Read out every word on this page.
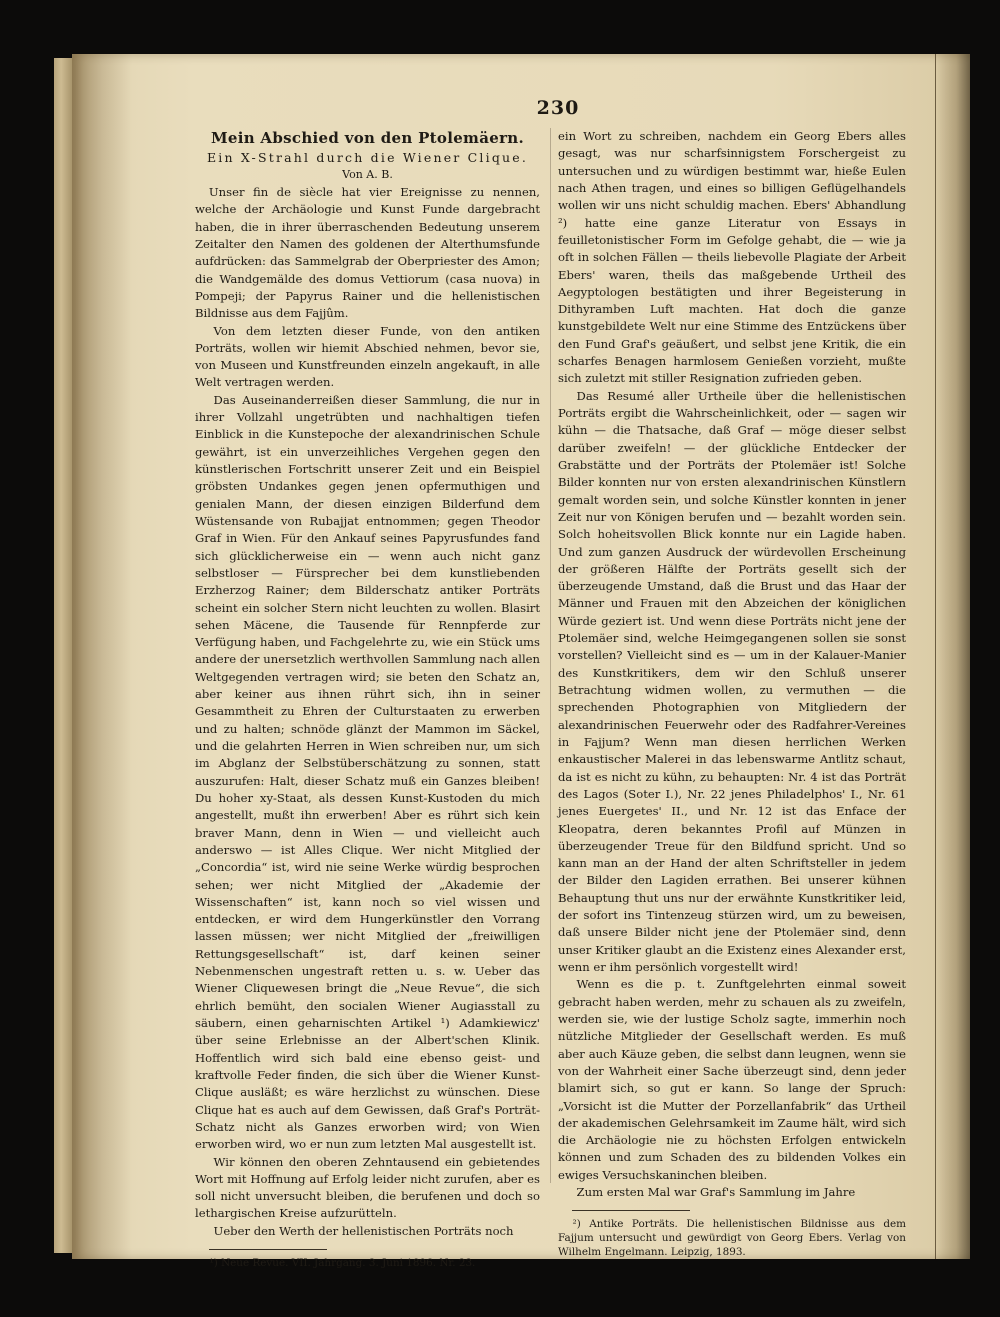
230
Mein Abschied von den Ptolemäern.
Ein X-Strahl durch die Wiener Clique.
Von A. B.

Unser fin de siècle hat vier Ereignisse zu nennen, welche der Archäologie und Kunst Funde dargebracht haben, die in ihrer überraschenden Bedeutung unserem Zeitalter den Namen des goldenen der Alterthumsfunde aufdrücken: das Sammelgrab der Oberpriester des Amon; die Wandgemälde des domus Vettiorum (casa nuova) in Pompeji; der Papyrus Rainer und die hellenistischen Bildnisse aus dem Fajjûm.

Von dem letzten dieser Funde, von den antiken Porträts, wollen wir hiemit Abschied nehmen, bevor sie, von Museen und Kunstfreunden einzeln angekauft, in alle Welt vertragen werden.

Das Auseinanderreißen dieser Sammlung, die nur in ihrer Vollzahl ungetrübten und nachhaltigen tiefen Einblick in die Kunstepoche der alexandrinischen Schule gewährt, ist ein unverzeihliches Vergehen gegen den künstlerischen Fortschritt unserer Zeit und ein Beispiel gröbsten Undankes gegen jenen opfermuthigen und genialen Mann, der diesen einzigen Bilderfund dem Wüstensande von Rubajjat entnommen; gegen Theodor Graf in Wien. Für den Ankauf seines Papyrusfundes fand sich glücklicherweise ein — wenn auch nicht ganz selbstloser — Fürsprecher bei dem kunstliebenden Erzherzog Rainer; dem Bilderschatz antiker Porträts scheint ein solcher Stern nicht leuchten zu wollen. Blasirt sehen Mäcene, die Tausende für Rennpferde zur Verfügung haben, und Fachgelehrte zu, wie ein Stück ums andere der unersetzlich werthvollen Sammlung nach allen Weltgegenden vertragen wird; sie beten den Schatz an, aber keiner aus ihnen rührt sich, ihn in seiner Gesammtheit zu Ehren der Culturstaaten zu erwerben und zu halten; schnöde glänzt der Mammon im Säckel, und die gelahrten Herren in Wien schreiben nur, um sich im Abglanz der Selbstüberschätzung zu sonnen, statt auszurufen: Halt, dieser Schatz muß ein Ganzes bleiben! Du hoher xy-Staat, als dessen Kunst-Kustoden du mich angestellt, mußt ihn erwerben! Aber es rührt sich kein braver Mann, denn in Wien — und vielleicht auch anderswo — ist Alles Clique. Wer nicht Mitglied der „Concordia“ ist, wird nie seine Werke würdig besprochen sehen; wer nicht Mitglied der „Akademie der Wissenschaften“ ist, kann noch so viel wissen und entdecken, er wird dem Hungerkünstler den Vorrang lassen müssen; wer nicht Mitglied der „freiwilligen Rettungsgesellschaft“ ist, darf keinen seiner Nebenmenschen ungestraft retten u. s. w. Ueber das Wiener Cliquewesen bringt die „Neue Revue“, die sich ehrlich bemüht, den socialen Wiener Augiasstall zu säubern, einen geharnischten Artikel ¹) Adamkiewicz' über seine Erlebnisse an der Albert'schen Klinik. Hoffentlich wird sich bald eine ebenso geist- und kraftvolle Feder finden, die sich über die Wiener Kunst-Clique ausläßt; es wäre herzlichst zu wünschen. Diese Clique hat es auch auf dem Gewissen, daß Graf's Porträt-Schatz nicht als Ganzes erworben wird; von Wien erworben wird, wo er nun zum letzten Mal ausgestellt ist.

Wir können den oberen Zehntausend ein gebietendes Wort mit Hoffnung auf Erfolg leider nicht zurufen, aber es soll nicht unversucht bleiben, die berufenen und doch so lethargischen Kreise aufzurütteln.

Ueber den Werth der hellenistischen Porträts noch

¹) Neue Revue. VII. Jahrgang. 3. Juni 1896. Nr. 23.

ein Wort zu schreiben, nachdem ein Georg Ebers alles gesagt, was nur scharfsinnigstem Forschergeist zu untersuchen und zu würdigen bestimmt war, hieße Eulen nach Athen tragen, und eines so billigen Geflügelhandels wollen wir uns nicht schuldig machen. Ebers' Abhandlung ²) hatte eine ganze Literatur von Essays in feuilletonistischer Form im Gefolge gehabt, die — wie ja oft in solchen Fällen — theils liebevolle Plagiate der Arbeit Ebers' waren, theils das maßgebende Urtheil des Aegyptologen bestätigten und ihrer Begeisterung in Dithyramben Luft machten. Hat doch die ganze kunstgebildete Welt nur eine Stimme des Entzückens über den Fund Graf's geäußert, und selbst jene Kritik, die ein scharfes Benagen harmlosem Genießen vorzieht, mußte sich zuletzt mit stiller Resignation zufrieden geben.

Das Resumé aller Urtheile über die hellenistischen Porträts ergibt die Wahrscheinlichkeit, oder — sagen wir kühn — die Thatsache, daß Graf — möge dieser selbst darüber zweifeln! — der glückliche Entdecker der Grabstätte und der Porträts der Ptolemäer ist! Solche Bilder konnten nur von ersten alexandrinischen Künstlern gemalt worden sein, und solche Künstler konnten in jener Zeit nur von Königen berufen und — bezahlt worden sein. Solch hoheitsvollen Blick konnte nur ein Lagide haben. Und zum ganzen Ausdruck der würdevollen Erscheinung der größeren Hälfte der Porträts gesellt sich der überzeugende Umstand, daß die Brust und das Haar der Männer und Frauen mit den Abzeichen der königlichen Würde geziert ist. Und wenn diese Porträts nicht jene der Ptolemäer sind, welche Heimgegangenen sollen sie sonst vorstellen? Vielleicht sind es — um in der Kalauer-Manier des Kunstkritikers, dem wir den Schluß unserer Betrachtung widmen wollen, zu vermuthen — die sprechenden Photographien von Mitgliedern der alexandrinischen Feuerwehr oder des Radfahrer-Vereines in Fajjum? Wenn man diesen herrlichen Werken enkaustischer Malerei in das lebenswarme Antlitz schaut, da ist es nicht zu kühn, zu behaupten: Nr. 4 ist das Porträt des Lagos (Soter I.), Nr. 22 jenes Philadelphos' I., Nr. 61 jenes Euergetes' II., und Nr. 12 ist das Enface der Kleopatra, deren bekanntes Profil auf Münzen in überzeugender Treue für den Bildfund spricht. Und so kann man an der Hand der alten Schriftsteller in jedem der Bilder den Lagiden errathen. Bei unserer kühnen Behauptung thut uns nur der erwähnte Kunstkritiker leid, der sofort ins Tintenzeug stürzen wird, um zu beweisen, daß unsere Bilder nicht jene der Ptolemäer sind, denn unser Kritiker glaubt an die Existenz eines Alexander erst, wenn er ihm persönlich vorgestellt wird!

Wenn es die p. t. Zunftgelehrten einmal soweit gebracht haben werden, mehr zu schauen als zu zweifeln, werden sie, wie der lustige Scholz sagte, immerhin noch nützliche Mitglieder der Gesellschaft werden. Es muß aber auch Käuze geben, die selbst dann leugnen, wenn sie von der Wahrheit einer Sache überzeugt sind, denn jeder blamirt sich, so gut er kann. So lange der Spruch: „Vorsicht ist die Mutter der Porzellanfabrik“ das Urtheil der akademischen Gelehrsamkeit im Zaume hält, wird sich die Archäologie nie zu höchsten Erfolgen entwickeln können und zum Schaden des zu bildenden Volkes ein ewiges Versuchskaninchen bleiben.

Zum ersten Mal war Graf's Sammlung im Jahre

²) Antike Porträts. Die hellenistischen Bildnisse aus dem Fajjum untersucht und gewürdigt von Georg Ebers. Verlag von Wilhelm Engelmann. Leipzig, 1893.
